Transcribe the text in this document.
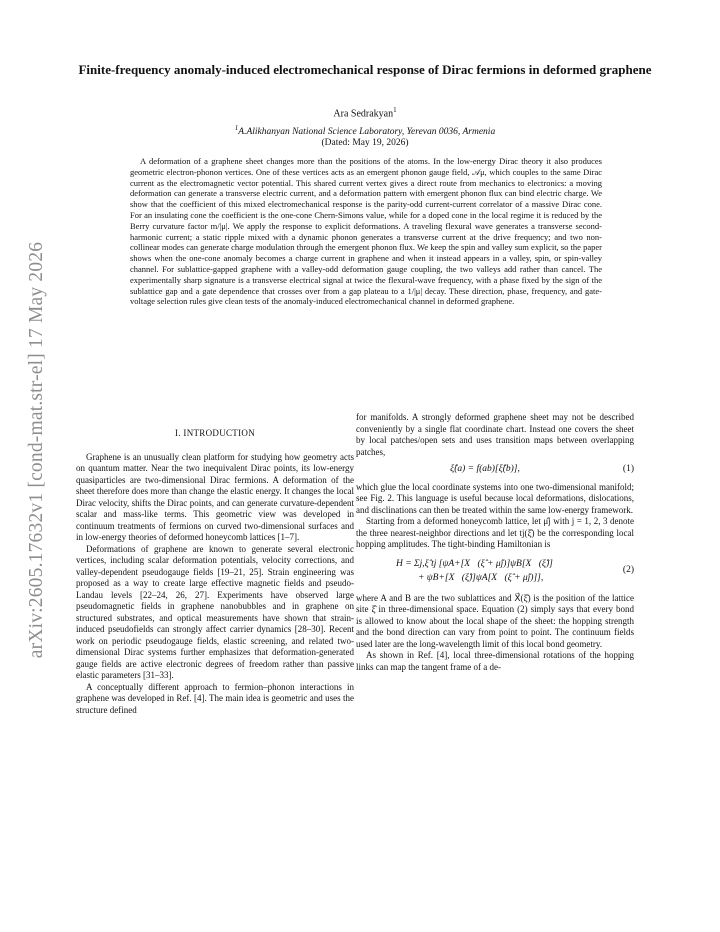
arXiv:2605.17632v1 [cond-mat.str-el] 17 May 2026
Finite-frequency anomaly-induced electromechanical response of Dirac fermions in deformed graphene
Ara Sedrakyan$^1$
$^1$A.Alikhanyan National Science Laboratory, Yerevan 0036, Armenia
(Dated: May 19, 2026)

A deformation of a graphene sheet changes more than the positions of the atoms. In the low-energy Dirac theory it also produces geometric electron-phonon vertices. One of these vertices acts as an emergent phonon gauge field, 𝒜μ, which couples to the same Dirac current as the electromagnetic vector potential. This shared current vertex gives a direct route from mechanics to electronics: a moving deformation can generate a transverse electric current, and a deformation pattern with emergent phonon flux can bind electric charge. We show that the coefficient of this mixed electromechanical response is the parity-odd current-current correlator of a massive Dirac cone. For an insulating cone the coefficient is the one-cone Chern-Simons value, while for a doped cone in the local regime it is reduced by the Berry curvature factor m/|μ|. We apply the response to explicit deformations. A traveling flexural wave generates a transverse second-harmonic current; a static ripple mixed with a dynamic phonon generates a transverse current at the drive frequency; and two non-collinear modes can generate charge modulation through the emergent phonon flux. We keep the spin and valley sum explicit, so the paper shows when the one-cone anomaly becomes a charge current in graphene and when it instead appears in a valley, spin, or spin-valley channel. For sublattice-gapped graphene with a valley-odd deformation gauge coupling, the two valleys add rather than cancel. The experimentally sharp signature is a transverse electrical signal at twice the flexural-wave frequency, with a phase fixed by the sign of the sublattice gap and a gate dependence that crosses over from a gap plateau to a 1/|μ| decay. These direction, phase, frequency, and gate-voltage selection rules give clean tests of the anomaly-induced electromechanical channel in deformed graphene.

I. INTRODUCTION

Graphene is an unusually clean platform for studying how geometry acts on quantum matter. Near the two inequivalent Dirac points, its low-energy quasiparticles are two-dimensional Dirac fermions. A deformation of the sheet therefore does more than change the elastic energy. It changes the local Dirac velocity, shifts the Dirac points, and can generate curvature-dependent scalar and mass-like terms. This geometric view was developed in continuum treatments of fermions on curved two-dimensional surfaces and in low-energy theories of deformed honeycomb lattices [1–7].

Deformations of graphene are known to generate several electronic vertices, including scalar deformation potentials, velocity corrections, and valley-dependent pseudogauge fields [19–21, 25]. Strain engineering was proposed as a way to create large effective magnetic fields and pseudo-Landau levels [22–24, 26, 27]. Experiments have observed large pseudomagnetic fields in graphene nanobubbles and in graphene on structured substrates, and optical measurements have shown that strain-induced pseudofields can strongly affect carrier dynamics [28–30]. Recent work on periodic pseudogauge fields, elastic screening, and related two-dimensional Dirac systems further emphasizes that deformation-generated gauge fields are active electronic degrees of freedom rather than passive elastic parameters [31–33].

A conceptually different approach to fermion–phonon interactions in graphene was developed in Ref. [4]. The main idea is geometric and uses the structure defined

for manifolds. A strongly deformed graphene sheet may not be described conveniently by a single flat coordinate chart. Instead one covers the sheet by local patches/open sets and uses transition maps between overlapping patches,

ξ̂(a) = f(ab)[ξ̂(b)],	(1)

which glue the local coordinate systems into one two-dimensional manifold; see Fig. 2. This language is useful because local deformations, dislocations, and disclinations can then be treated within the same low-energy framework.

Starting from a deformed honeycomb lattice, let μ̂j with j = 1, 2, 3 denote the three nearest-neighbor directions and let tj(ξ̂) be the corresponding local hopping amplitudes. The tight-binding Hamiltonian is

H = Σj,ξ̂ tj [ψA+[X⃗(ξ̂ + μ̂j)]ψB[X⃗(ξ̂)]
+ ψB+[X⃗(ξ̂)]ψA[X⃗(ξ̂ + μ̂j)]],
(2)

where A and B are the two sublattices and X⃗(ξ̂) is the position of the lattice site ξ̂ in three-dimensional space. Equation (2) simply says that every bond is allowed to know about the local shape of the sheet: the hopping strength and the bond direction can vary from point to point. The continuum fields used later are the long-wavelength limit of this local bond geometry.

As shown in Ref. [4], local three-dimensional rotations of the hopping links can map the tangent frame of a de-
